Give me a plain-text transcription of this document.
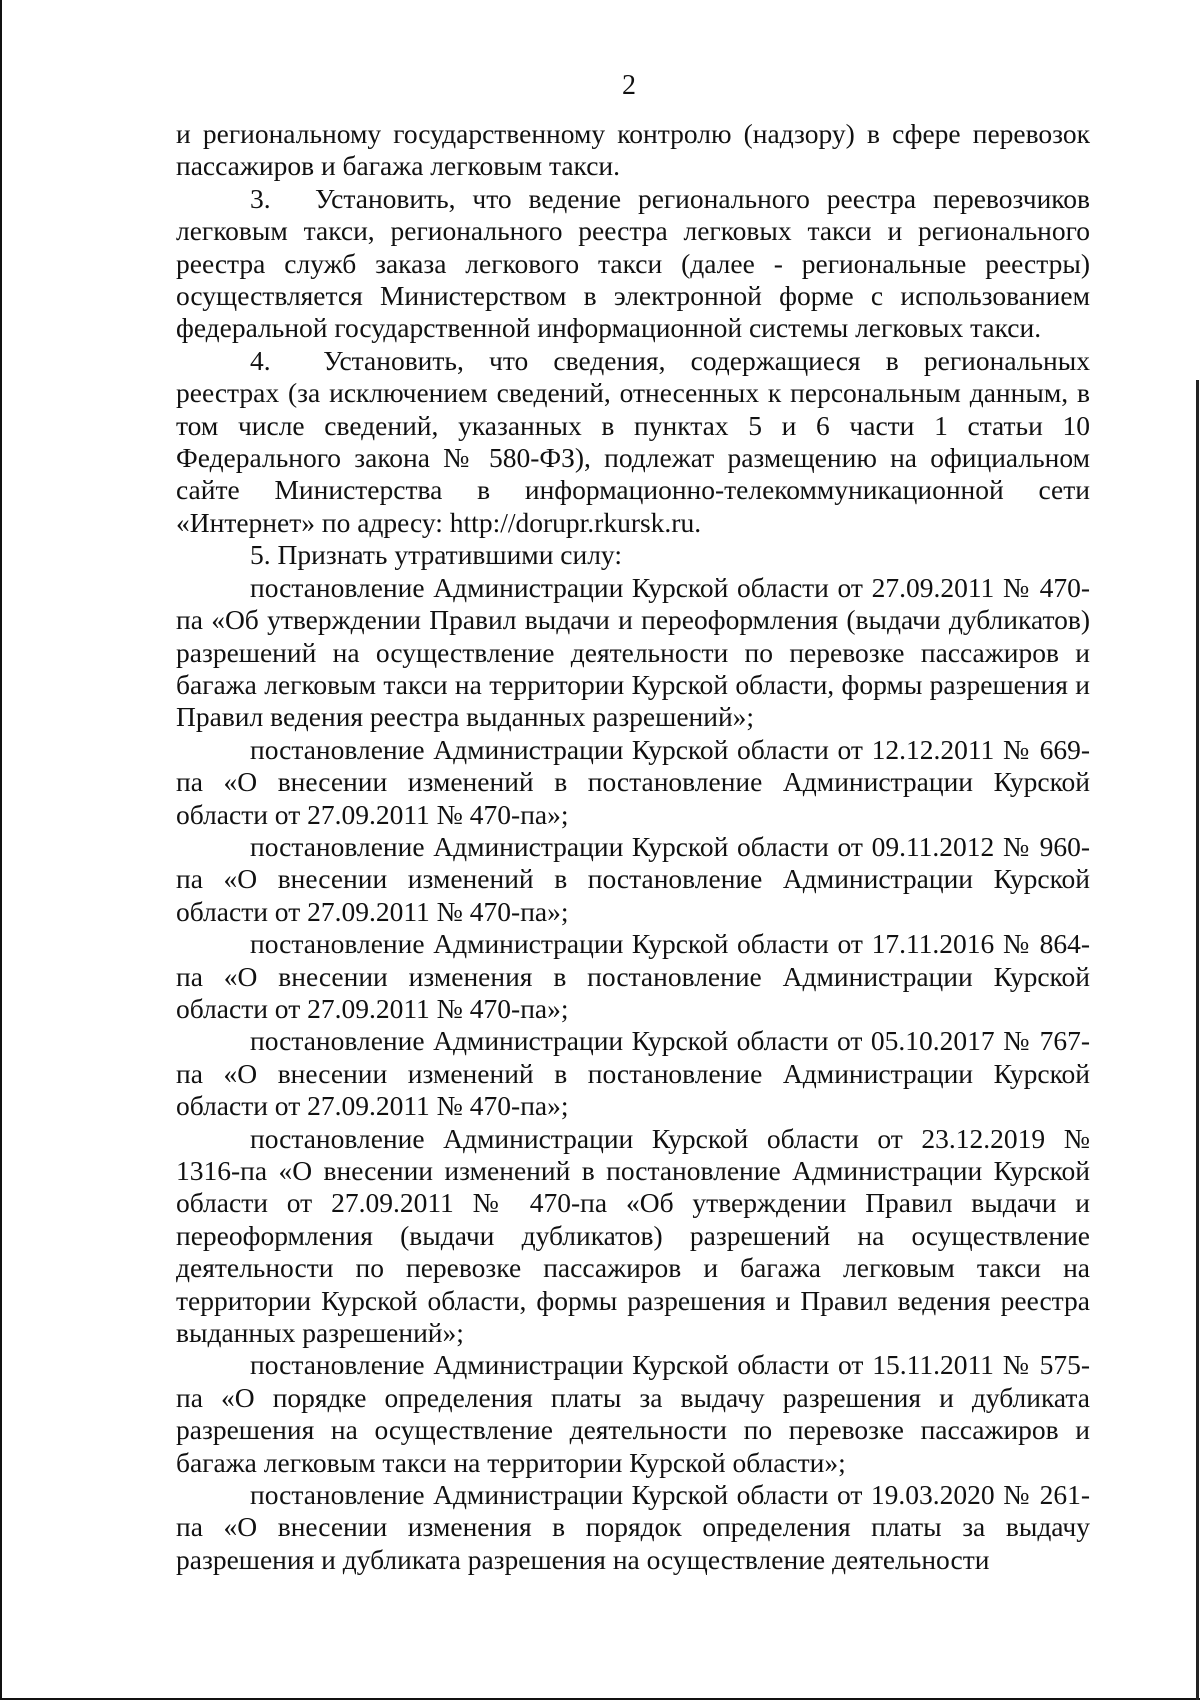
2

и региональному государственному контролю (надзору) в сфере перевозок пассажиров и багажа легковым такси.

3.  Установить, что ведение регионального реестра перевозчиков легковым такси, регионального реестра легковых такси и регионального реестра служб заказа легкового такси (далее - региональные реестры) осуществляется Министерством в электронной форме с использованием федеральной государственной информационной системы легковых такси.

4.  Установить, что сведения, содержащиеся в региональных реестрах (за исключением сведений, отнесенных к персональным данным, в том числе сведений, указанных в пунктах 5 и 6 части 1 статьи 10 Федерального закона № 580-ФЗ), подлежат размещению на официальном сайте Министерства в информационно-телекоммуникационной сети «Интернет» по адресу: http://dorupr.rkursk.ru.

5. Признать утратившими силу:

постановление Администрации Курской области от 27.09.2011 № 470-па «Об утверждении Правил выдачи и переоформления (выдачи дубликатов) разрешений на осуществление деятельности по перевозке пассажиров и багажа легковым такси на территории Курской области, формы разрешения и Правил ведения реестра выданных разрешений»;

постановление Администрации Курской области от 12.12.2011 № 669-па «О внесении изменений в постановление Администрации Курской области от 27.09.2011 № 470-па»;

постановление Администрации Курской области от 09.11.2012 № 960-па «О внесении изменений в постановление Администрации Курской области от 27.09.2011 № 470-па»;

постановление Администрации Курской области от 17.11.2016 № 864-па «О внесении изменения в постановление Администрации Курской области от 27.09.2011 № 470-па»;

постановление Администрации Курской области от 05.10.2017 № 767-па «О внесении изменений в постановление Администрации Курской области от 27.09.2011 № 470-па»;

постановление Администрации Курской области от 23.12.2019 № 1316-па «О внесении изменений в постановление Администрации Курской области от 27.09.2011 № 470-па «Об утверждении Правил выдачи и переоформления (выдачи дубликатов) разрешений на осуществление деятельности по перевозке пассажиров и багажа легковым такси на территории Курской области, формы разрешения и Правил ведения реестра выданных разрешений»;

постановление Администрации Курской области от 15.11.2011 № 575-па «О порядке определения платы за выдачу разрешения и дубликата разрешения на осуществление деятельности по перевозке пассажиров и багажа легковым такси на территории Курской области»;

постановление Администрации Курской области от 19.03.2020 № 261-па «О внесении изменения в порядок определения платы за выдачу разрешения и дубликата разрешения на осуществление деятельности
